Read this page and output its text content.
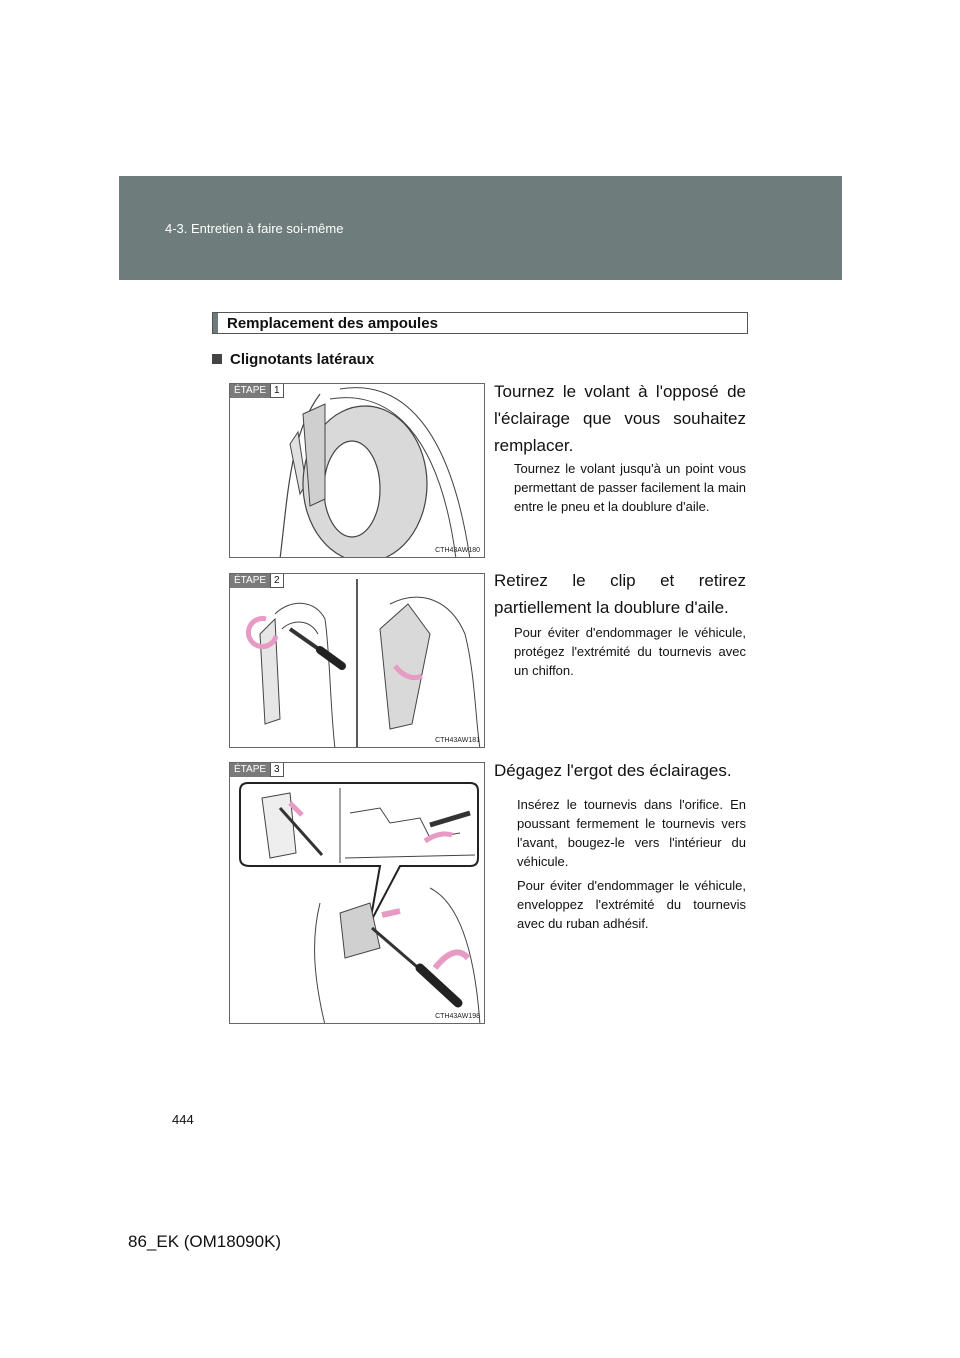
4-3. Entretien à faire soi-même
Remplacement des ampoules
Clignotants latéraux
ÉTAPE 1
CTH43AW180
Tournez le volant à l'opposé de l'éclairage que vous souhaitez remplacer.
Tournez le volant jusqu'à un point vous permettant de passer facilement la main entre le pneu et la doublure d'aile.
ÉTAPE 2
CTH43AW181
Retirez le clip et retirez partiellement la doublure d'aile.
Pour éviter d'endommager le véhicule, protégez l'extrémité du tournevis avec un chiffon.
ÉTAPE 3
CTH43AW198
Dégagez l'ergot des éclairages.
Insérez le tournevis dans l'orifice. En poussant fermement le tournevis vers l'avant, bougez-le vers l'intérieur du véhicule.
Pour éviter d'endommager le véhicule, enveloppez l'extrémité du tournevis avec du ruban adhésif.
444
86_EK (OM18090K)
